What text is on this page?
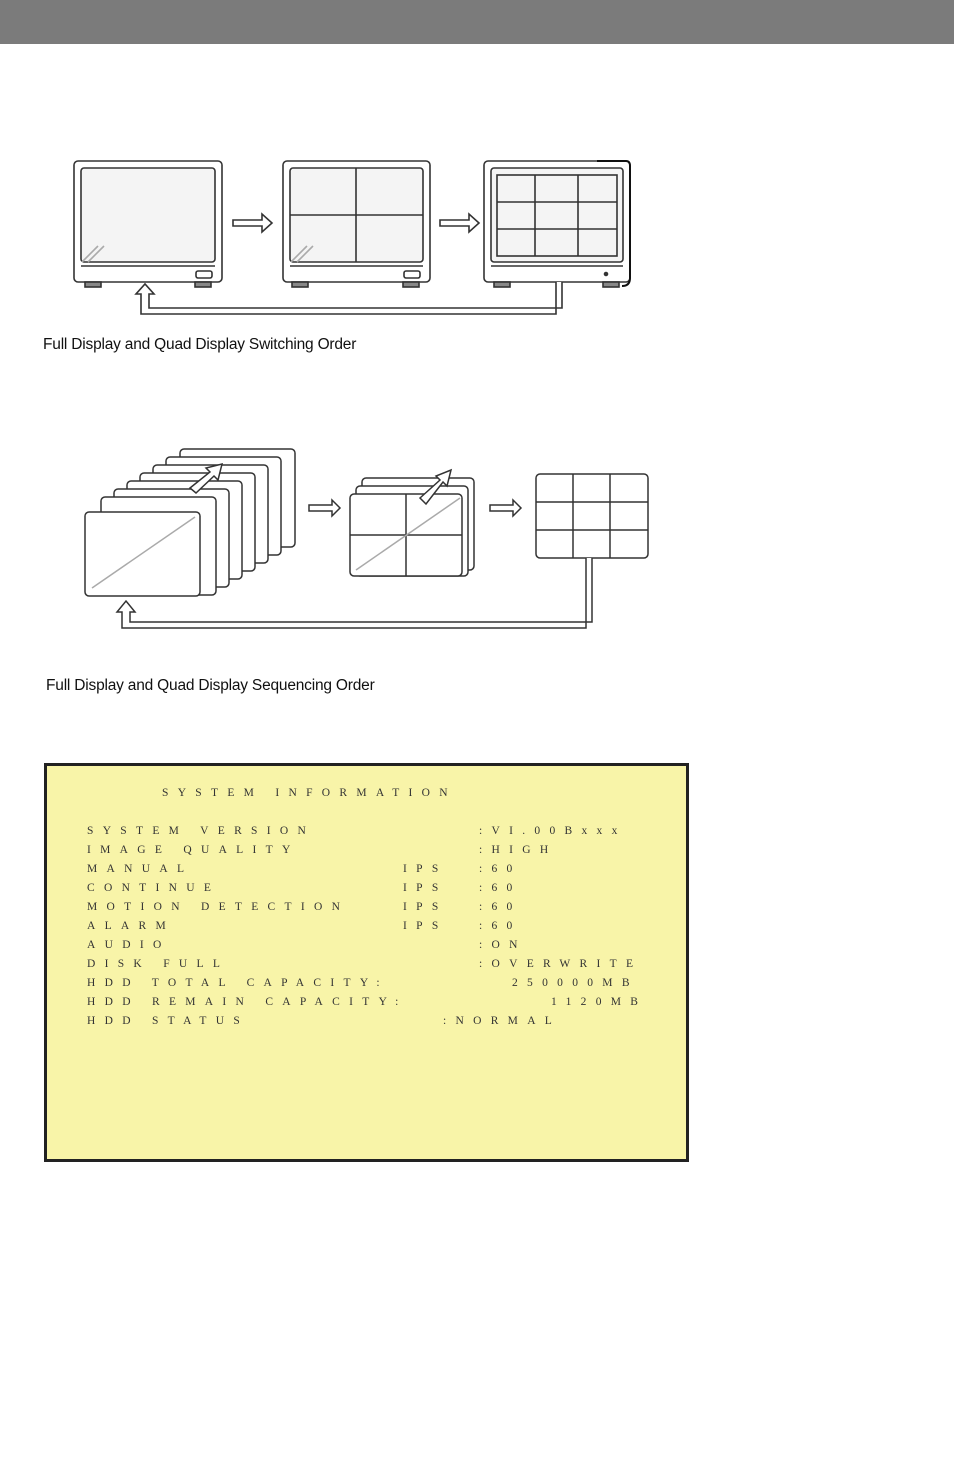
Full Display and Quad Display Switching Order
Full Display and Quad Display Sequencing Order
SYSTEM INFORMATION
SYSTEM VERSION	:VI.00Bxxx
IMAGE QUALITY	:HIGH
MANUAL	IPS	:60
CONTINUE	IPS	:60
MOTION DETECTION	IPS	:60
ALARM	IPS	:60
AUDIO	:ON
DISK FULL	:OVERWRITE
HDD TOTAL CAPACITY:	250000MB
HDD REMAIN CAPACITY:	1120MB
HDD STATUS	:NORMAL
